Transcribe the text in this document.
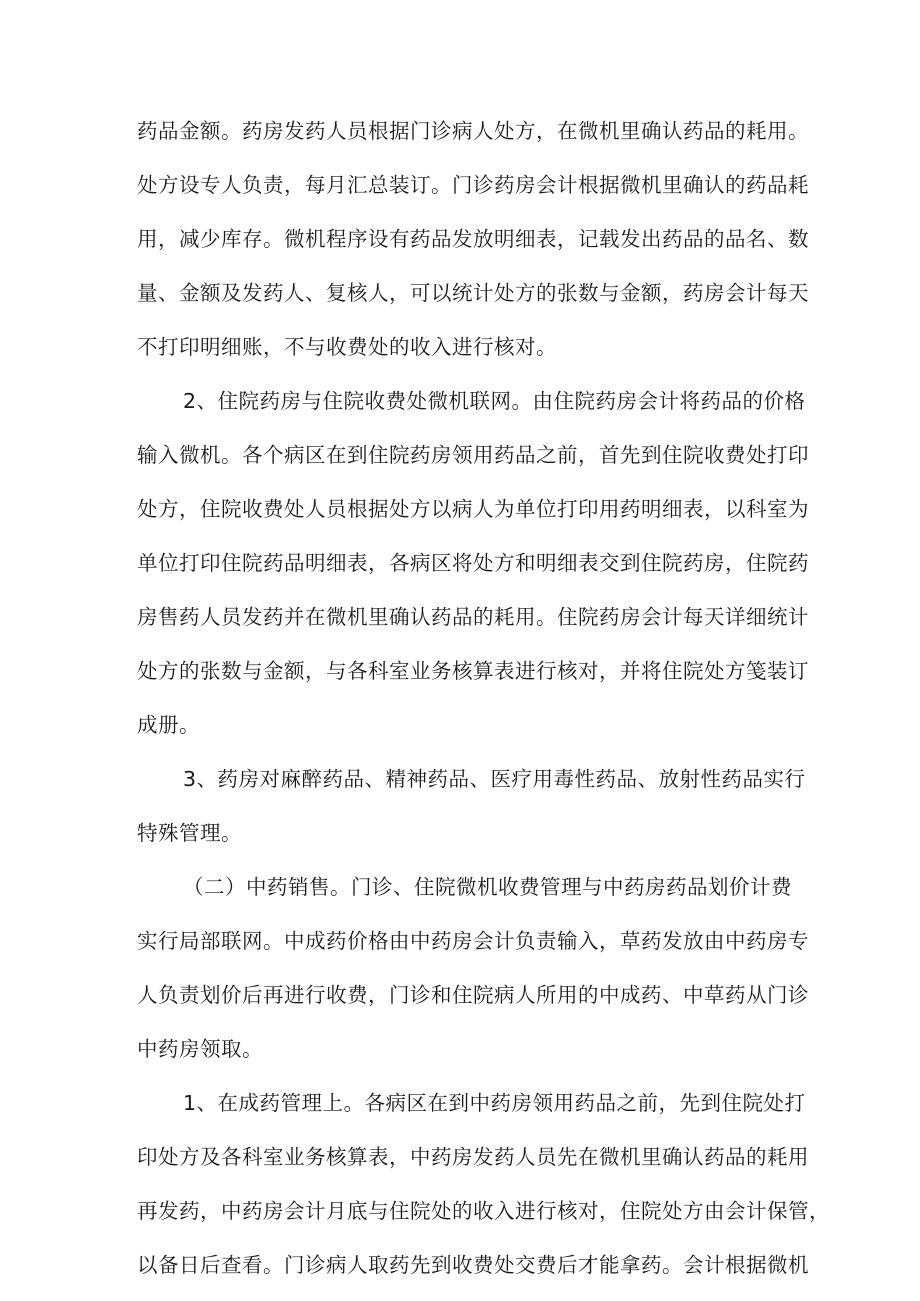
药品金额。药房发药人员根据门诊病人处方，在微机里确认药品的耗用。
处方设专人负责，每月汇总装订。门诊药房会计根据微机里确认的药品耗
用，减少库存。微机程序设有药品发放明细表，记载发出药品的品名、数
量、金额及发药人、复核人，可以统计处方的张数与金额，药房会计每天
不打印明细账，不与收费处的收入进行核对。
2、住院药房与住院收费处微机联网。由住院药房会计将药品的价格
输入微机。各个病区在到住院药房领用药品之前，首先到住院收费处打印
处方，住院收费处人员根据处方以病人为单位打印用药明细表，以科室为
单位打印住院药品明细表，各病区将处方和明细表交到住院药房，住院药
房售药人员发药并在微机里确认药品的耗用。住院药房会计每天详细统计
处方的张数与金额，与各科室业务核算表进行核对，并将住院处方笺装订
成册。
3、药房对麻醉药品、精神药品、医疗用毒性药品、放射性药品实行
特殊管理。
（二）中药销售。门诊、住院微机收费管理与中药房药品划价计费
实行局部联网。中成药价格由中药房会计负责输入，草药发放由中药房专
人负责划价后再进行收费，门诊和住院病人所用的中成药、中草药从门诊
中药房领取。
1、在成药管理上。各病区在到中药房领用药品之前，先到住院处打
印处方及各科室业务核算表，中药房发药人员先在微机里确认药品的耗用
再发药，中药房会计月底与住院处的收入进行核对，住院处方由会计保管，
以备日后查看。门诊病人取药先到收费处交费后才能拿药。会计根据微机
